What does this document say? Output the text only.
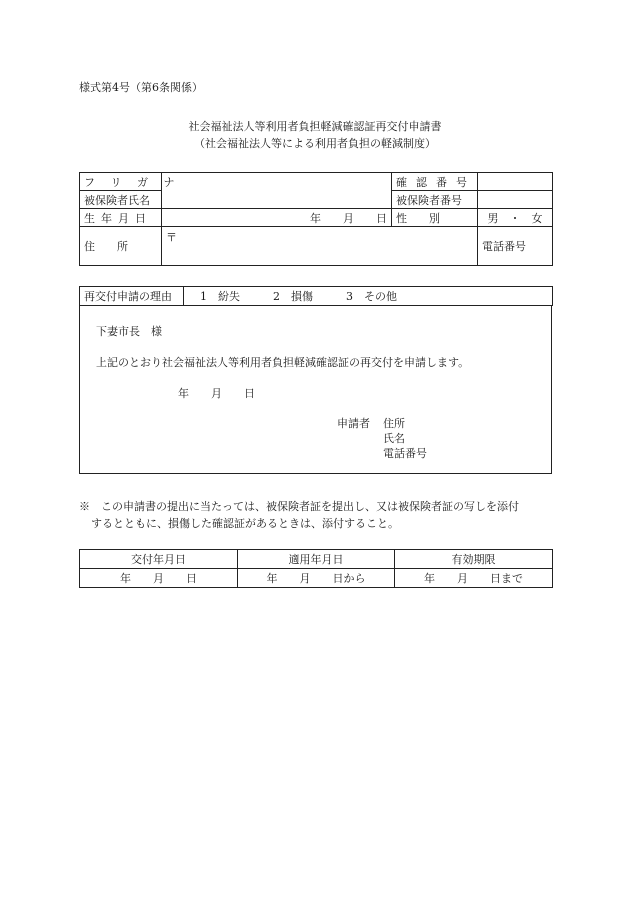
様式第4号（第6条関係）
社会福祉法人等利用者負担軽減確認証再交付申請書
（社会福祉法人等による利用者負担の軽減制度）
フ リ ガ ナ		確認番号	
被保険者氏名		被保険者番号	
生年月日	年　　月　　日	性　　別	男　・　女
住　　所	〒		電話番号
再交付申請の理由	1　紛失　　　2　損傷　　　3　その他
下妻市長　様
上記のとおり社会福祉法人等利用者負担軽減確認証の再交付を申請します。
年　　月　　日
申請者 住所
氏名
電話番号
※　この申請書の提出に当たっては、被保険者証を提出し、又は被保険者証の写しを添付
するとともに、損傷した確認証があるときは、添付すること。
交付年月日	適用年月日	有効期限
年　　月　　日	年　　月　　日から	年　　月　　日まで
